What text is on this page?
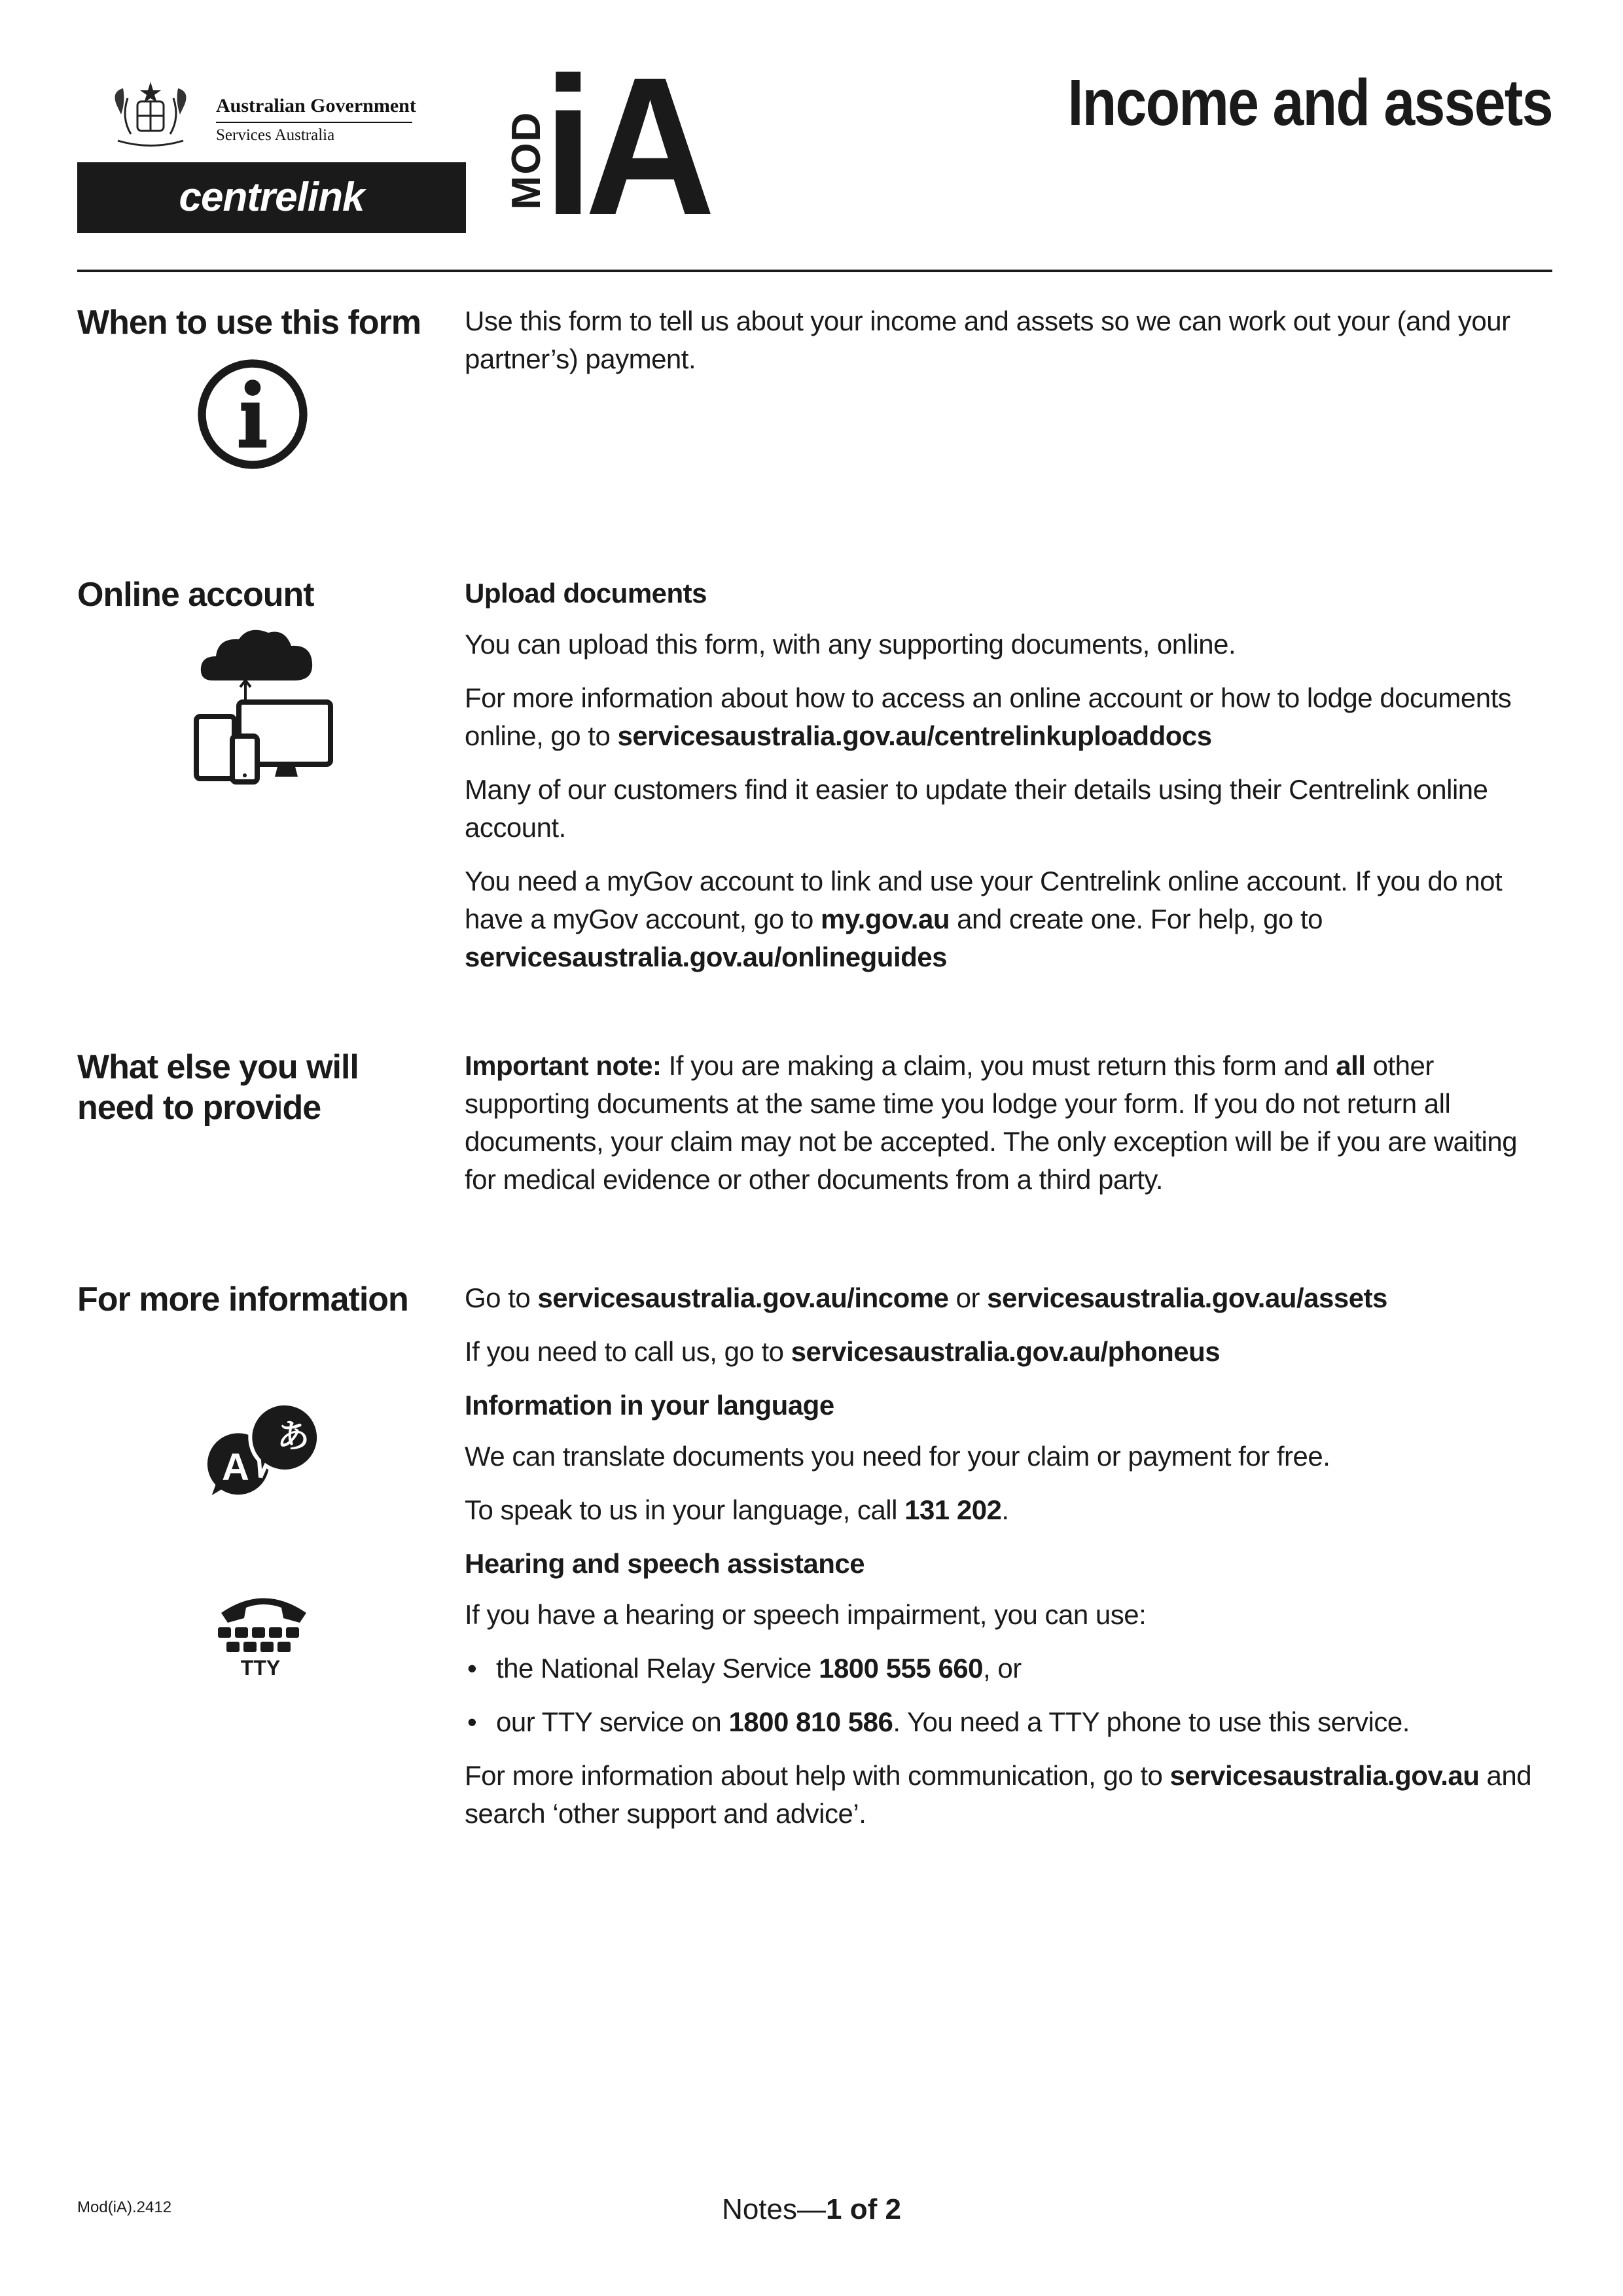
Australian Government
Services Australia
centrelink	MOD
iA	Income and assets
When to use this form Use this form to tell us about your income and assets so we can work out your (and your partner’s) payment.

Online account	Upload documents

You can upload this form, with any supporting documents, online.

For more information about how to access an online account or how to lodge documents online, go to servicesaustralia.gov.au/centrelinkuploaddocs

Many of our customers find it easier to update their details using their Centrelink online account.

You need a myGov account to link and use your Centrelink online account. If you do not have a myGov account, go to my.gov.au and create one. For help, go to servicesaustralia.gov.au/onlineguides

What else you will
need to provide

Important note: If you are making a claim, you must return this form and all other supporting documents at the same time you lodge your form. If you do not return all documents, your claim may not be accepted. The only exception will be if you are waiting for medical evidence or other documents from a third party.

For more information Go to servicesaustralia.gov.au/income or servicesaustralia.gov.au/assets

If you need to call us, go to servicesaustralia.gov.au/phoneus

Information in your language

We can translate documents you need for your claim or payment for free.

To speak to us in your language, call 131 202.

Hearing and speech assistance

If you have a hearing or speech impairment, you can use:

• the National Relay Service 1800 555 660, or
• our TTY service on 1800 810 586. You need a TTY phone to use this service.

For more information about help with communication, go to servicesaustralia.gov.au and search ‘other support and advice’.

A
あ
TTY
Mod(iA).2412	Notes—1 of 2
